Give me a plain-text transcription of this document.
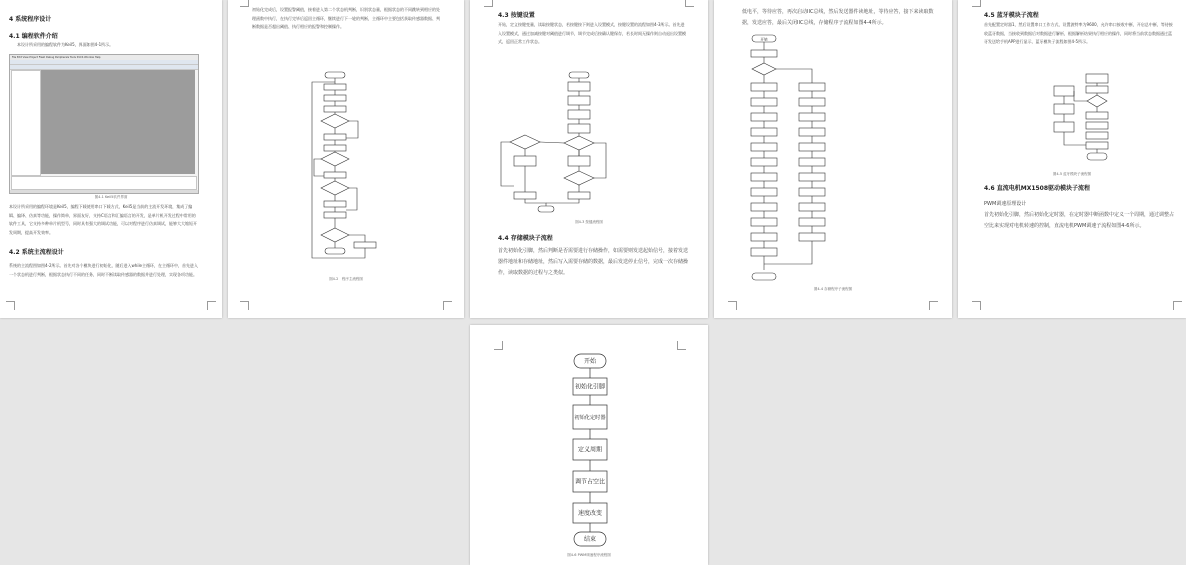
4 系统程序设计
4.1 编程软件介绍
本设计所采用的编程软件为Keil5，界面如图4-1所示。
File Edit View Project Flash Debug Peripherals Tools SVCS Window Help
图4-1 Keil5软件界面
本设计所采用的编程环境是Keil5，编程下载使用串口下载方式，Keil5是当前的主流开发环境，集成了编辑、编译、仿真等功能，操作简单，界面友好，支持C语言和汇编语言的开发，是单片机开发过程中常用的软件工具，它支持多种单片机型号，同时具有强大的调试功能，可以对程序进行仿真调试，能够大大缩短开发周期，提高开发效率。
4.2 系统主流程设计
系统的主流程图如图4-2所示。首先对各个模块进行初始化，随后进入while主循环，在主循环中，首先进入一个状态机进行判断，根据状态执行不同的任务，同时不断读取传感器的数据并进行处理，实现各项功能。
初始化完成后，设置报警阈值，接着进入第二个状态机判断，识别状态量，根据状态的不同跳转到相应的处理函数中执行，在执行完毕后返回主循环，继续进行下一轮的判断，主循环中主要包括获取传感器数据、判断数据是否超出阈值、执行相应的报警和控制操作。
图4-2　程序主流程图
4.3 按键设置
开始，定义按键变量，读取按键状态，若按键按下则进入设置模式，按键设置的流程如图4-3所示。首先进入设置模式，通过加减按键对阈值进行调节，调节完成后按确认键保存，若长时间无操作则自动退出设置模式，返回正常工作状态。
图4-3 按键流程图
4.4 存储模块子流程
首先初始化引脚，然后判断是否需要进行存储操作，如需要则发送起始信号，接着发送器件地址和存储地址，然后写入需要存储的数据，最后发送停止信号，完成一次存储操作，读取数据的过程与之类似。
低电平，等待应答，再次启动IIC总线，然后发送器件读地址，等待应答，接下来读取数据，发送应答，最后关闭IIC总线，存储程序子流程如图4-4所示。
开始
图4-4 存储程序子流程图
4.5 蓝牙模块子流程
首先配置定时器1，然后设置串口工作方式，设置波特率为9600，允许串口接收中断，开启总中断，等待接收蓝牙数据，当接收到数据后对数据进行解析，根据解析结果执行相应的操作，同时将当前状态数据通过蓝牙发送给手机APP进行显示，蓝牙模块子流程如图4-5所示。
图4-5 蓝牙模块子流程图
4.6 直流电机MX1508驱动模块子流程
PWM调速原理设计
首先初始化引脚，然后初始化定时器，在定时器中断函数中定义一个周期，通过调整占空比来实现对电机转速的控制，直流电机PWM调速子流程如图4-6所示。
开始
初始化引脚
初始化定时器
定义周期
调节占空比
速度改变
结束
图4-6 PWM调速程序流程图
